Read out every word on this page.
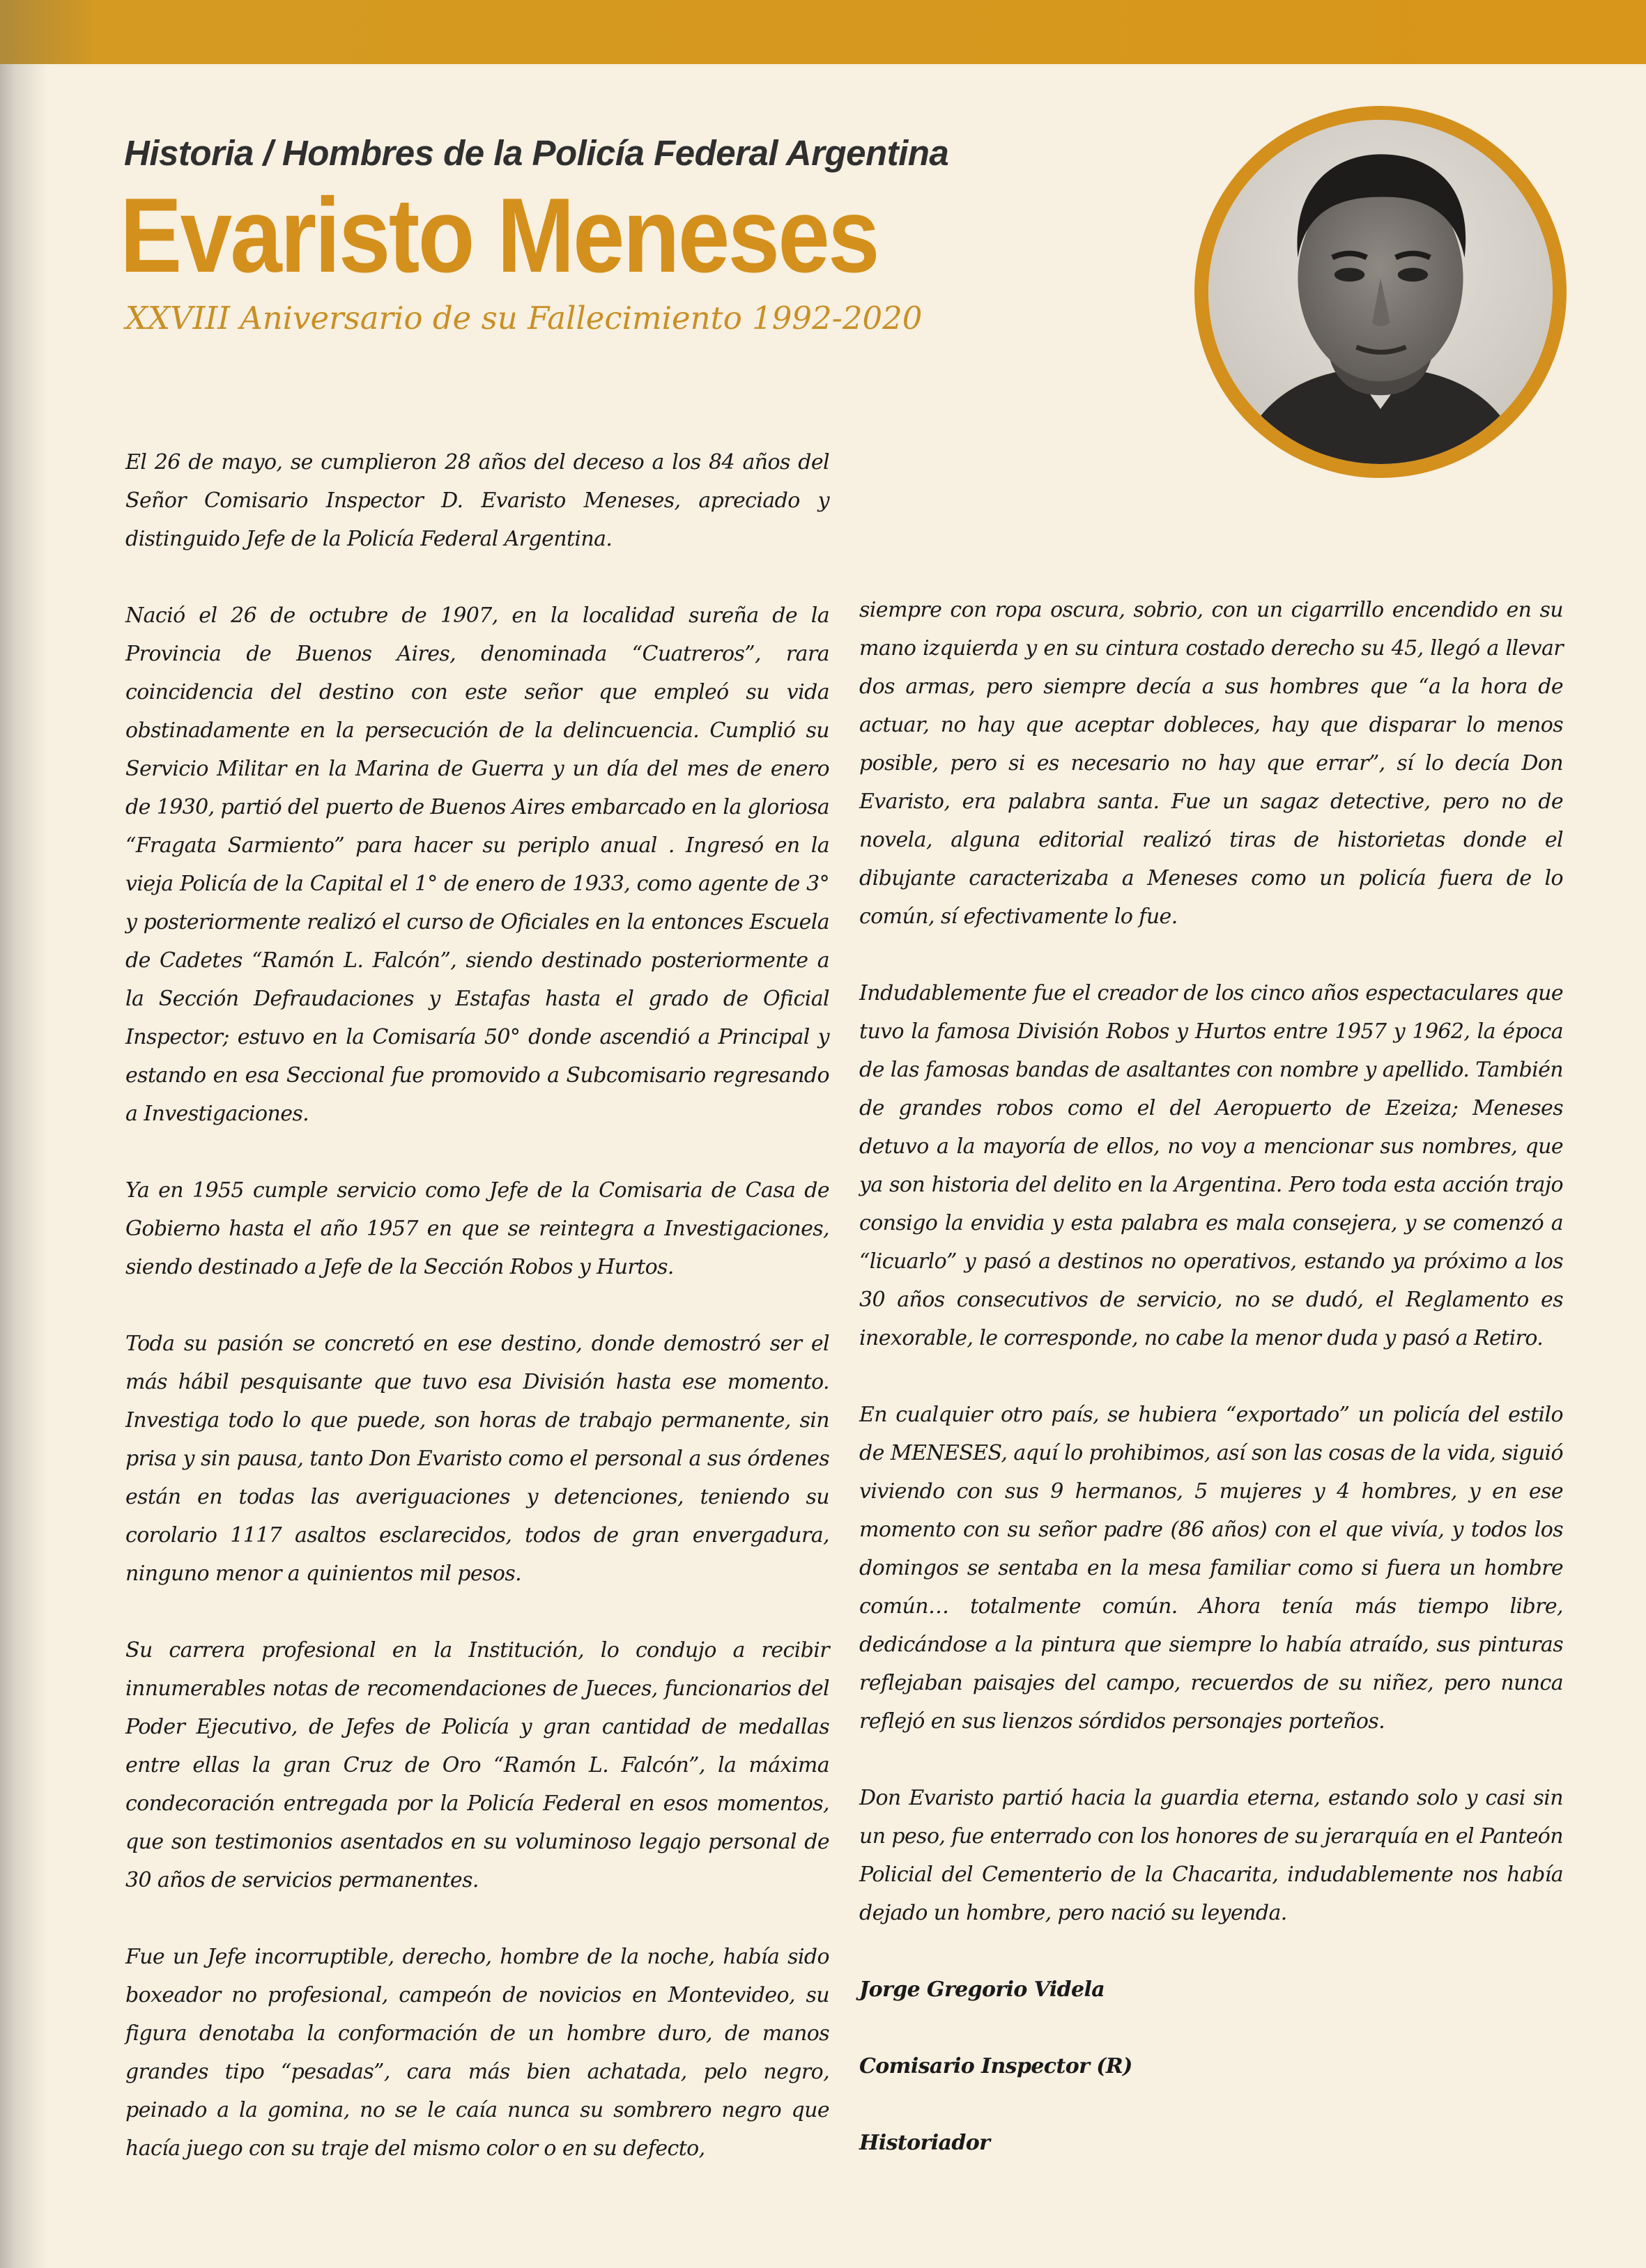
Historia / Hombres de la Policía Federal Argentina
Evaristo Meneses
XXVIII Aniversario de su Fallecimiento 1992-2020

El 26 de mayo, se cumplieron 28 años del deceso a los 84 años del Señor Comisario Inspector D. Evaristo Meneses, apreciado y distinguido Jefe de la Policía Federal Argentina.

Nació el 26 de octubre de 1907, en la localidad sureña de la Provincia de Buenos Aires, denominada “Cuatreros”, rara coincidencia del destino con este señor que empleó su vida obstinadamente en la persecución de la delincuencia. Cumplió su Servicio Militar en la Marina de Guerra y un día del mes de enero de 1930, partió del puerto de Buenos Aires embarcado en la gloriosa “Fragata Sarmiento” para hacer su periplo anual . Ingresó en la vieja Policía de la Capital el 1° de enero de 1933, como agente de 3° y posteriormente realizó el curso de Oficiales en la entonces Escuela de Cadetes “Ramón L. Falcón”, siendo destinado posteriormente a la Sección Defraudaciones y Estafas hasta el grado de Oficial Inspector; estuvo en la Comisaría 50° donde ascendió a Principal y estando en esa Seccional fue promovido a Subcomisario regresando a Investigaciones.

Ya en 1955 cumple servicio como Jefe de la Comisaria de Casa de Gobierno hasta el año 1957 en que se reintegra a Investigaciones, siendo destinado a Jefe de la Sección Robos y Hurtos.

Toda su pasión se concretó en ese destino, donde demostró ser el más hábil pesquisante que tuvo esa División hasta ese momento. Investiga todo lo que puede, son horas de trabajo permanente, sin prisa y sin pausa, tanto Don Evaristo como el personal a sus órdenes están en todas las averiguaciones y detenciones, teniendo su corolario 1117 asaltos esclarecidos, todos de gran envergadura, ninguno menor a quinientos mil pesos.

Su carrera profesional en la Institución, lo condujo a recibir innumerables notas de recomendaciones de Jueces, funcionarios del Poder Ejecutivo, de Jefes de Policía y gran cantidad de medallas entre ellas la gran Cruz de Oro “Ramón L. Falcón”, la máxima condecoración entregada por la Policía Federal en esos momentos, que son testimonios asentados en su voluminoso legajo personal de 30 años de servicios permanentes.

Fue un Jefe incorruptible, derecho, hombre de la noche, había sido boxeador no profesional, campeón de novicios en Montevideo, su figura denotaba la conformación de un hombre duro, de manos grandes tipo “pesadas”, cara más bien achatada, pelo negro, peinado a la gomina, no se le caía nunca su sombrero negro que hacía juego con su traje del mismo color o en su defecto,

siempre con ropa oscura, sobrio, con un cigarrillo encendido en su mano izquierda y en su cintura costado derecho su 45, llegó a llevar dos armas, pero siempre decía a sus hombres que “a la hora de actuar, no hay que aceptar dobleces, hay que disparar lo menos posible, pero si es necesario no hay que errar”, sí lo decía Don Evaristo, era palabra santa. Fue un sagaz detective, pero no de novela, alguna editorial realizó tiras de historietas donde el dibujante caracterizaba a Meneses como un policía fuera de lo común, sí efectivamente lo fue.

Indudablemente fue el creador de los cinco años espectaculares que tuvo la famosa División Robos y Hurtos entre 1957 y 1962, la época de las famosas bandas de asaltantes con nombre y apellido. También de grandes robos como el del Aeropuerto de Ezeiza; Meneses detuvo a la mayoría de ellos, no voy a mencionar sus nombres, que ya son historia del delito en la Argentina. Pero toda esta acción trajo consigo la envidia y esta palabra es mala consejera, y se comenzó a “licuarlo” y pasó a destinos no operativos, estando ya próximo a los 30 años consecutivos de servicio, no se dudó, el Reglamento es inexorable, le corresponde, no cabe la menor duda y pasó a Retiro.

En cualquier otro país, se hubiera “exportado” un policía del estilo de MENESES, aquí lo prohibimos, así son las cosas de la vida, siguió viviendo con sus 9 hermanos, 5 mujeres y 4 hombres, y en ese momento con su señor padre (86 años) con el que vivía, y todos los domingos se sentaba en la mesa familiar como si fuera un hombre común… totalmente común. Ahora tenía más tiempo libre, dedicándose a la pintura que siempre lo había atraído, sus pinturas reflejaban paisajes del campo, recuerdos de su niñez, pero nunca reflejó en sus lienzos sórdidos personajes porteños.

Don Evaristo partió hacia la guardia eterna, estando solo y casi sin un peso, fue enterrado con los honores de su jerarquía en el Panteón Policial del Cementerio de la Chacarita, indudablemente nos había dejado un hombre, pero nació su leyenda.

Jorge Gregorio Videla

Comisario Inspector (R)

Historiador
